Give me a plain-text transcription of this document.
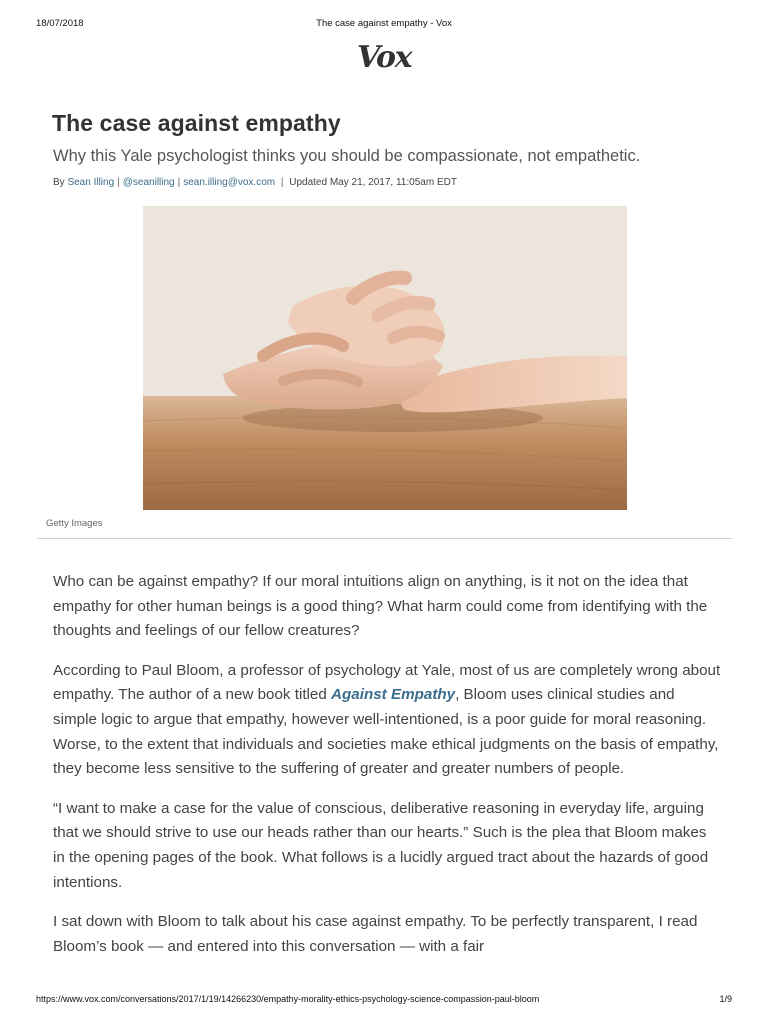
18/07/2018	The case against empathy - Vox
Vox
The case against empathy
Why this Yale psychologist thinks you should be compassionate, not empathetic.
By Sean Illing | @seanilling | sean.illing@vox.com | Updated May 21, 2017, 11:05am EDT
Getty Images

Who can be against empathy? If our moral intuitions align on anything, is it not on the idea that empathy for other human beings is a good thing? What harm could come from identifying with the thoughts and feelings of our fellow creatures?

According to Paul Bloom, a professor of psychology at Yale, most of us are completely wrong about empathy. The author of a new book titled Against Empathy, Bloom uses clinical studies and simple logic to argue that empathy, however well-intentioned, is a poor guide for moral reasoning. Worse, to the extent that individuals and societies make ethical judgments on the basis of empathy, they become less sensitive to the suffering of greater and greater numbers of people.

“I want to make a case for the value of conscious, deliberative reasoning in everyday life, arguing that we should strive to use our heads rather than our hearts.” Such is the plea that Bloom makes in the opening pages of the book. What follows is a lucidly argued tract about the hazards of good intentions.

I sat down with Bloom to talk about his case against empathy. To be perfectly transparent, I read Bloom’s book — and entered into this conversation — with a fair

https://www.vox.com/conversations/2017/1/19/14266230/empathy-morality-ethics-psychology-science-compassion-paul-bloom	1/9
